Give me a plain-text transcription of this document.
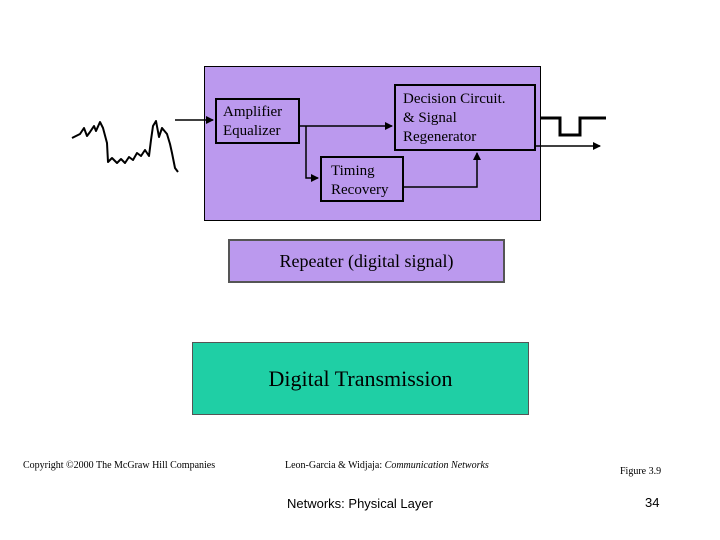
Amplifier
Equalizer
Decision Circuit.
& Signal
Regenerator
Timing
Recovery
Repeater (digital signal)
Digital Transmission
Copyright ©2000 The McGraw Hill Companies	Leon-Garcia & Widjaja: Communication Networks
Figure 3.9
Networks: Physical Layer	34
